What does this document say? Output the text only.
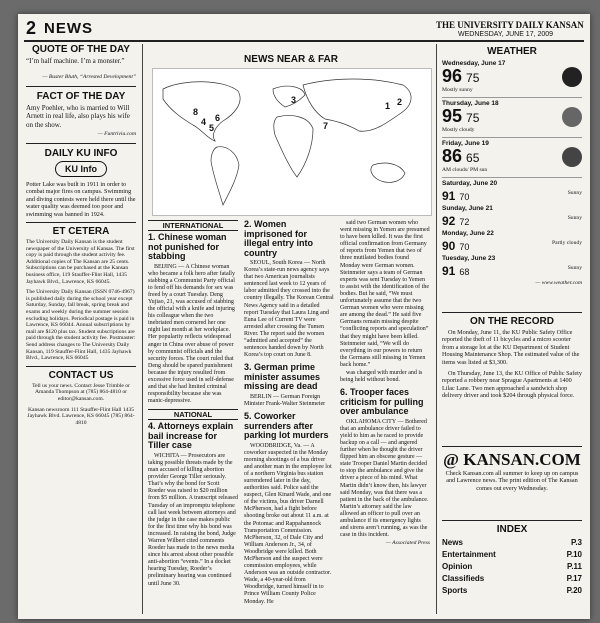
2 NEWS	THE UNIVERSITY DAILY KANSAN
WEDNESDAY, JUNE 17, 2009
QUOTE OF THE DAY
“I’m half machine. I’m a monster.”
— Buster Bluth, “Arrested Development”
FACT OF THE DAY
Amy Poehler, who is married to Will Arnett in real life, also plays his wife on the show.
— Funtrivia.com
DAILY KU INFO
KU Info
Potter Lake was built in 1911 in order to combat major fires on campus. Swimming and diving contests were held there until the water quality was deemed too poor and swimming was banned in 1924.
ET CETERA
The University Daily Kansan is the student newspaper of the University of Kansas. The first copy is paid through the student activity fee. Additional copies of The Kansan are 25 cents. Subscriptions can be purchased at the Kansan business office, 119 Stauffer-Flint Hall, 1435 Jayhawk Blvd., Lawrence, KS 66045.
The University Daily Kansan (ISSN 0746-4967) is published daily during the school year except Saturday, Sunday, fall break, spring break and exams and weekly during the summer session excluding holidays. Periodical postage is paid in Lawrence, KS 66044. Annual subscriptions by mail are $120 plus tax. Student subscriptions are paid through the student activity fee. Postmaster: Send address changes to The University Daily Kansan, 119 Stauffer-Flint Hall, 1435 Jayhawk Blvd., Lawrence, KS 66045
CONTACT US
Tell us your news. Contact Jesse Trimble or Amanda Thompson at (785) 864-4810 or editor@kansan.com.
Kansan newsroom 111 Stauffer-Flint Hall 1435 Jayhawk Blvd. Lawrence, KS 66045 (785) 864-4810
NEWS NEAR & FAR
4
5
8
6
1 2
3
7
INTERNATIONAL
1. Chinese woman not punished for stabbing

BEIJING — A Chinese woman who became a folk hero after fatally stabbing a Communist Party official to fend off his demands for sex was freed by a court Tuesday. Deng Yujiao, 21, was accused of stabbing the official with a knife and injuring his colleague when the two inebriated men cornered her one night last month at her workplace. Her popularity reflects widespread anger in China over abuse of power by communist officials and the security forces. The court ruled that Deng should be spared punishment because the injury resulted from excessive force used in self-defense and that she had limited criminal responsibility because she was manic-depressive.

NATIONAL
4. Attorneys explain bail increase for Tiller case

WICHITA — Prosecutors are taking possible threats made by the man accused of killing abortion provider George Tiller seriously. That’s why the bond for Scott Roeder was raised to $20 million from $5 million. A transcript released Tuesday of an impromptu telephone call last week between attorneys and the judge in the case makes public for the first time why his bond was increased. In raising the bond, Judge Warren Wilbert cited comments Roeder has made to the news media since his arrest about other possible anti-abortion “events.” In a docket hearing Tuesday, Roeder’s preliminary hearing was continued until June 30.

2. Women imprisoned for illegal entry into country

SEOUL, South Korea — North Korea’s state-run news agency says that two American journalists sentenced last week to 12 years of labor admitted they crossed into the country illegally. The Korean Central News Agency said in a detailed report Tuesday that Laura Ling and Euna Lee of Current TV were arrested after crossing the Tumen River. The report said the women “admitted and accepted” the sentences handed down by North Korea’s top court on June 8.

3. German prime minister assumes missing are dead

BERLIN — German Foreign Minister Frank-Walter Steinmeier

5. Coworker surrenders after parking lot murders

WOODBRIDGE, Va. — A coworker suspected in the Monday morning shootings of a bus driver and another man in the employee lot of a northern Virginia bus station surrendered later in the day, authorities said. Police said the suspect, Glen Kinard Wade, and one of the victims, bus driver Darnell McPherson, had a fight before shooting broke out about 11 a.m. at the Potomac and Rappahannock Transportation Commission. McPherson, 32, of Dale City and William Anderson Jr., 34, of Woodbridge were killed. Both McPherson and the suspect were commission employees, while Anderson was an outside contractor. Wade, a 40-year-old from Woodbridge, turned himself in to Prince William County Police Monday. He

said two German women who went missing in Yemen are presumed to have been killed. It was the first official confirmation from Germany of reports from Yemen that two of three mutilated bodies found Monday were German women. Steinmeier says a team of German experts was sent Tuesday to Yemen to assist with the identification of the bodies. But he said, “We must unfortunately assume that the two German women who were missing are among the dead.” He said five Germans remain missing despite “conflicting reports and speculation” that they might have been killed. Steinmeier said, “We will do everything in our powers to return the Germans still missing in Yemen back home.”

was charged with murder and is being held without bond.

6. Trooper faces criticism for pulling over ambulance

OKLAHOMA CITY — Bothered that an ambulance driver failed to yield to him as he raced to provide backup on a call — and angered further when he thought the driver flipped him an obscene gesture — state Trooper Daniel Martin decided to stop the ambulance and give the driver a piece of his mind. What Martin didn’t know then, his lawyer said Monday, was that there was a patient in the back of the ambulance. Martin’s attorney said the law allowed an officer to pull over an ambulance if its emergency lights and sirens aren’t running, as was the case in this incident.

— Associated Press
WEATHER
Wednesday, June 17
96 75
Mostly sunny
Thursday, June 18
95 75
Mostly cloudy
Friday, June 19
86 65
AM clouds/ PM sun
Saturday, June 20
91 70	Sunny
Sunday, June 21
92 72	Sunny
Monday, June 22
90 70	Partly cloudy
Tuesday, June 23
91 68	Sunny
— www.weather.com
ON THE RECORD

On Monday, June 11, the KU Public Safety Office reported the theft of 11 bicycles and a micro scooter from a storage lot at the KU Department of Student Housing Maintenance Shop. The estimated value of the items was listed at $3,300.

On Thursday, June 13, the KU Office of Public Safety reported a robbery near Sprague Apartments at 1400 Lilac Lane. Two men approached a sandwich shop delivery driver and took $204 through physical force.

@ KANSAN.COM
Check Kansan.com all summer to keep up on campus and Lawrence news. The print edition of The Kansan comes out every Wednesday.
INDEX
News	P.3
Entertainment	P.10
Opinion	P.11
Classifieds	P.17
Sports	P.20
